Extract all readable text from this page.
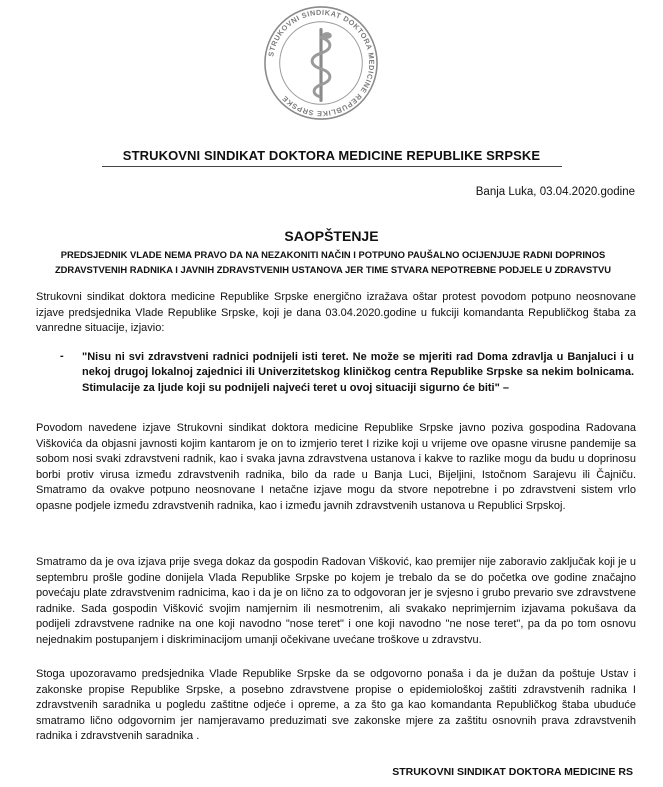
STRUKOVNI SINDIKAT DOKTORA MEDICINE REPUBLIKE SRPSKE
STRUKOVNI SINDIKAT DOKTORA MEDICINE REPUBLIKE SRPSKE
Banja Luka, 03.04.2020.godine
SAOPŠTENJE
PREDSJEDNIK VLADE NEMA PRAVO DA NA NEZAKONITI NAČIN I POTPUNO PAUŠALNO OCIJENJUJE RADNI DOPRINOS ZDRAVSTVENIH RADNIKA I JAVNIH ZDRAVSTVENIH USTANOVA JER TIME STVARA NEPOTREBNE PODJELE U ZDRAVSTVU

Strukovni sindikat doktora medicine Republike Srpske energično izražava oštar protest povodom potpuno neosnovane izjave predsjednika Vlade Republike Srpske, koji je dana 03.04.2020.godine u fukciji komandanta Republičkog štaba za vanredne situacije, izjavio:

- "Nisu ni svi zdravstveni radnici podnijeli isti teret. Ne može se mjeriti rad Doma zdravlja u Banjaluci i u nekoj drugoj lokalnoj zajednici ili Univerzitetskog kliničkog centra Republike Srpske sa nekim bolnicama. Stimulacije za ljude koji su podnijeli najveći teret u ovoj situaciji sigurno će biti" –

Povodom navedene izjave Strukovni sindikat doktora medicine Republike Srpske javno poziva gospodina Radovana Viškovića da objasni javnosti kojim kantarom je on to izmjerio teret I rizike koji u vrijeme ove opasne virusne pandemije sa sobom nosi svaki zdravstveni radnik, kao i svaka javna zdravstvena ustanova i kakve to razlike mogu da budu u doprinosu borbi protiv virusa između zdravstvenih radnika, bilo da rade u Banja Luci, Bijeljini, Istočnom Sarajevu ili Čajniču. Smatramo da ovakve potpuno neosnovane I netačne izjave mogu da stvore nepotrebne i po zdravstveni sistem vrlo opasne podjele između zdravstvenih radnika, kao i između javnih zdravstvenih ustanova u Republici Srpskoj.

Smatramo da je ova izjava prije svega dokaz da gospodin Radovan Višković, kao premijer nije zaboravio zaključak koji je u septembru prošle godine donijela Vlada Republike Srpske po kojem je trebalo da se do početka ove godine značajno povećaju plate zdravstvenim radnicima, kao i da je on lično za to odgovoran jer je svjesno i grubo prevario sve zdravstvene radnike. Sada gospodin Višković svojim namjernim ili nesmotrenim, ali svakako neprimjernim izjavama pokušava da podijeli zdravstvene radnike na one koji navodno "nose teret" i one koji navodno "ne nose teret", pa da po tom osnovu nejednakim postupanjem i diskriminacijom umanji očekivane uvećane troškove u zdravstvu.

Stoga upozoravamo predsjednika Vlade Republike Srpske da se odgovorno ponaša i da je dužan da poštuje Ustav i zakonske propise Republike Srpske, a posebno zdravstvene propise o epidemiološkoj zaštiti zdravstvenih radnika I zdravstvenih saradnika u pogledu zaštitne odjeće i opreme, a za što ga kao komandanta Republičkog štaba ubuduće smatramo lično odgovornim jer namjeravamo preduzimati sve zakonske mjere za zaštitu osnovnih prava zdravstvenih radnika i zdravstvenih saradnika .

STRUKOVNI SINDIKAT DOKTORA MEDICINE RS
